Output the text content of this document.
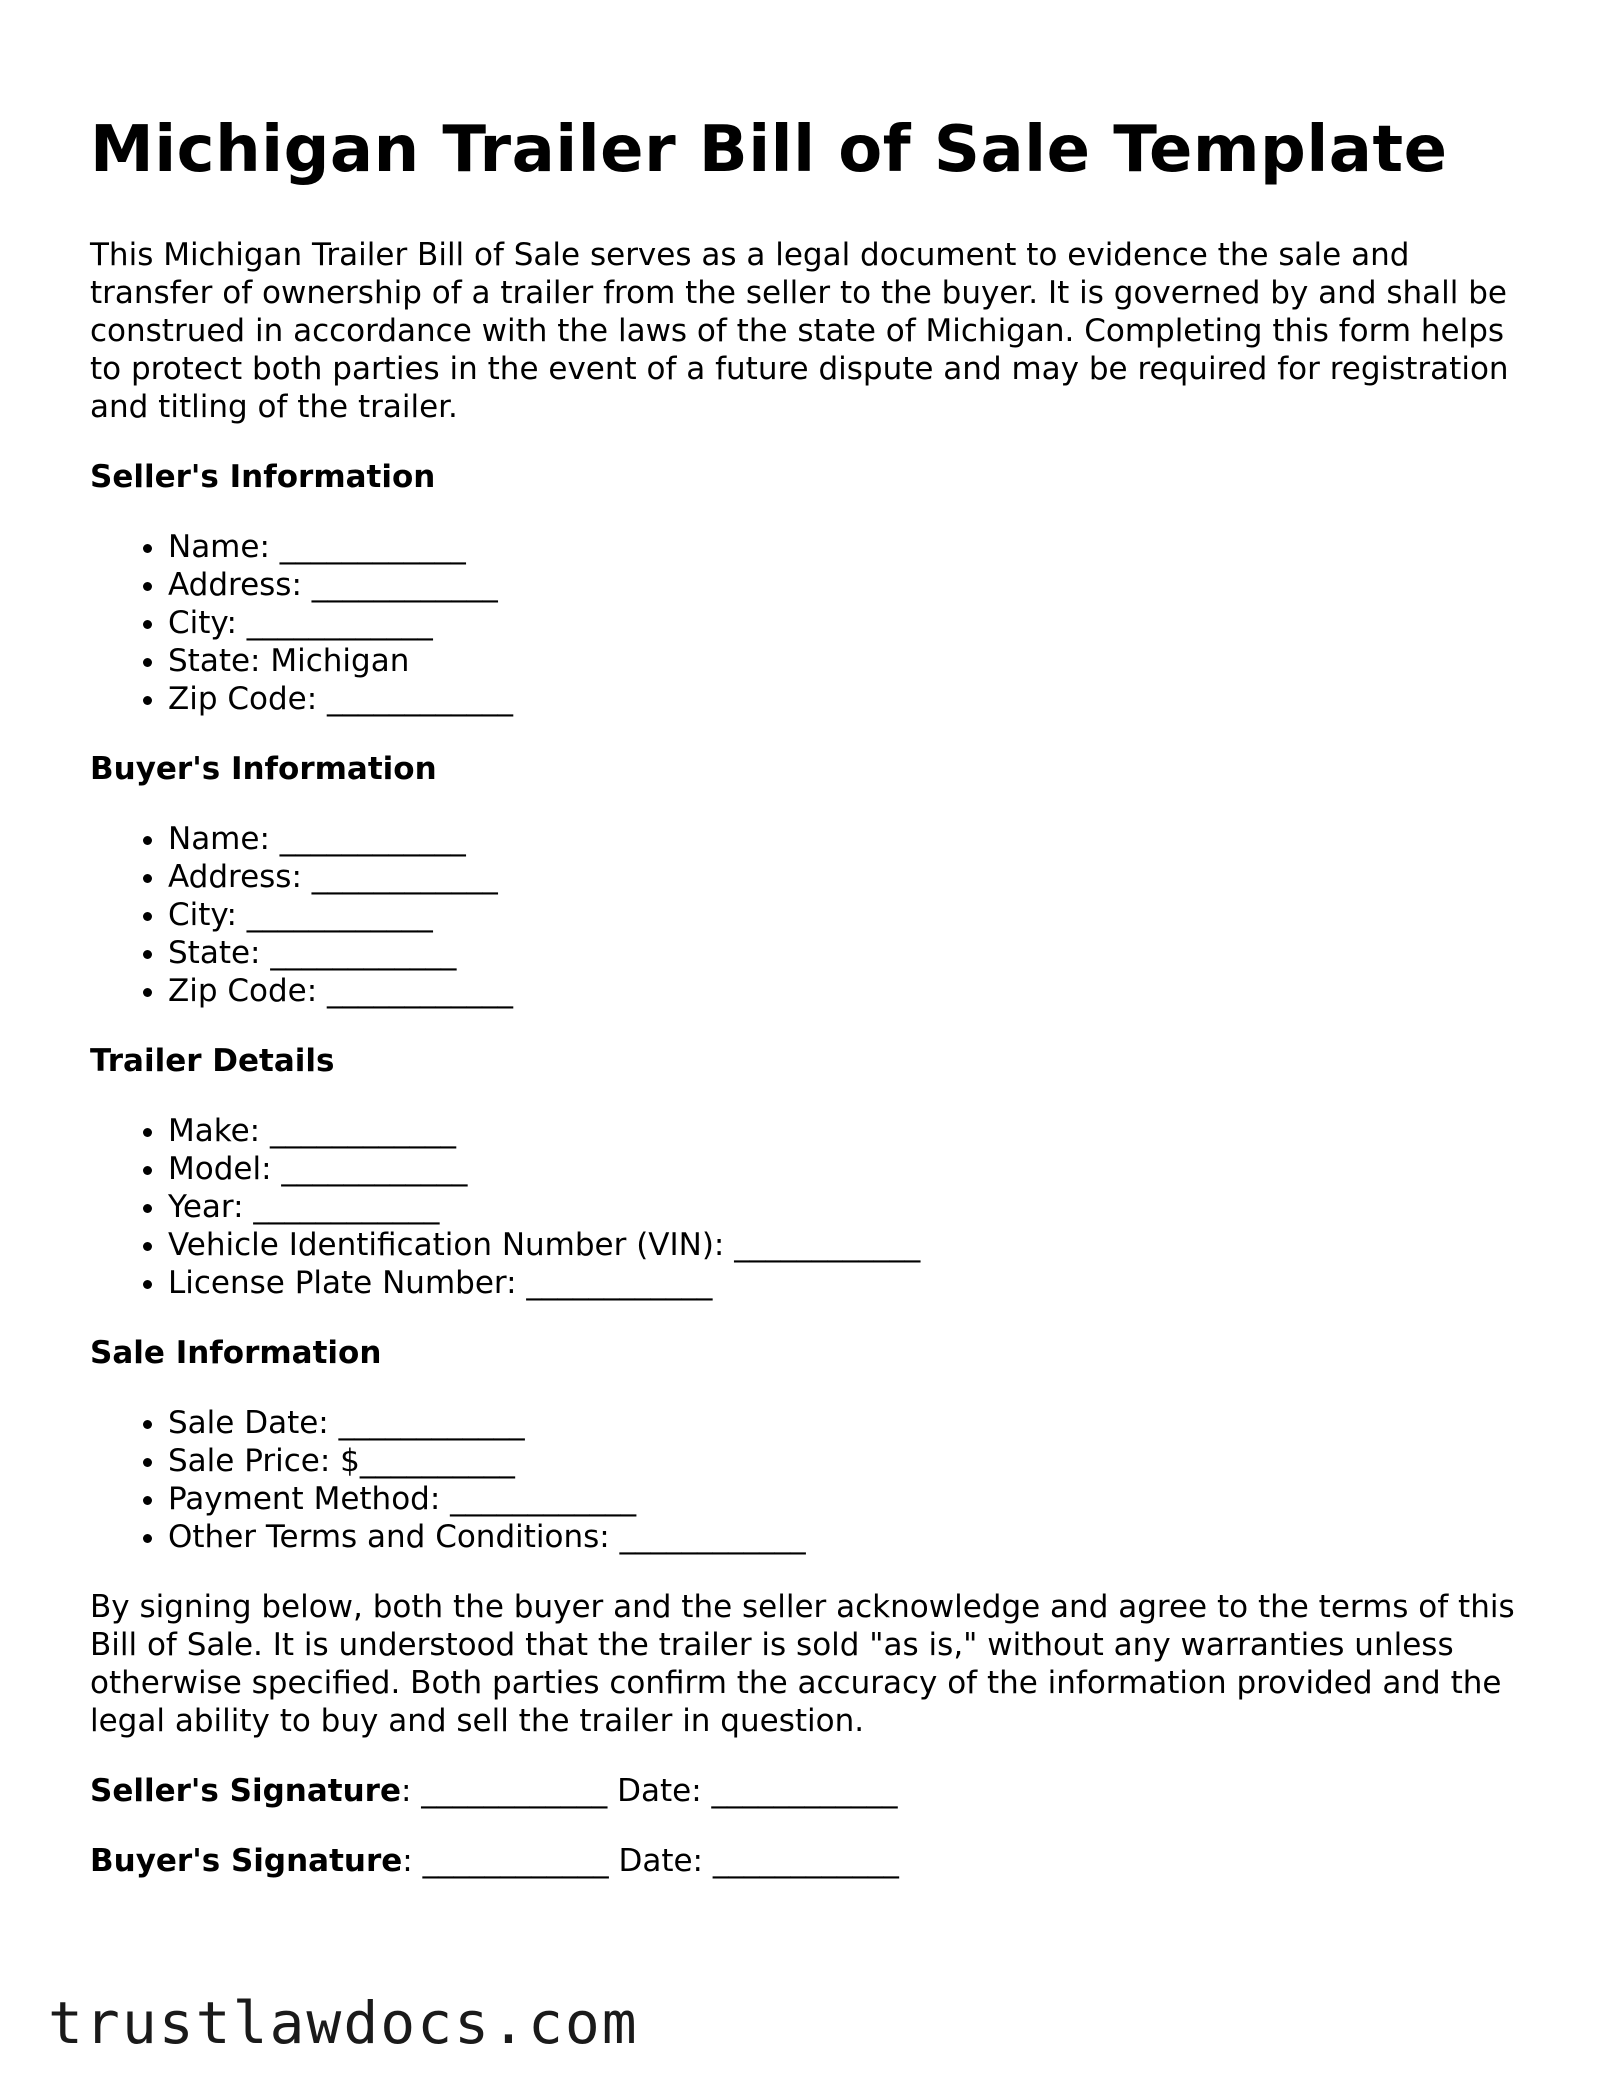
Michigan Trailer Bill of Sale Template

This Michigan Trailer Bill of Sale serves as a legal document to evidence the sale and transfer of ownership of a trailer from the seller to the buyer. It is governed by and shall be construed in accordance with the laws of the state of Michigan. Completing this form helps to protect both parties in the event of a future dispute and may be required for registration and titling of the trailer.

Seller's Information
• Name: ____________
• Address: ____________
• City: ____________
• State: Michigan
• Zip Code: ____________
Buyer's Information
• Name: ____________
• Address: ____________
• City: ____________
• State: ____________
• Zip Code: ____________
Trailer Details
• Make: ____________
• Model: ____________
• Year: ____________
• Vehicle Identification Number (VIN): ____________
• License Plate Number: ____________
Sale Information
• Sale Date: ____________
• Sale Price: $__________
• Payment Method: ____________
• Other Terms and Conditions: ____________

By signing below, both the buyer and the seller acknowledge and agree to the terms of this Bill of Sale. It is understood that the trailer is sold "as is," without any warranties unless otherwise specified. Both parties confirm the accuracy of the information provided and the legal ability to buy and sell the trailer in question.

Seller's Signature: ____________ Date: ____________

Buyer's Signature: ____________ Date: ____________

trustlawdocs.com
